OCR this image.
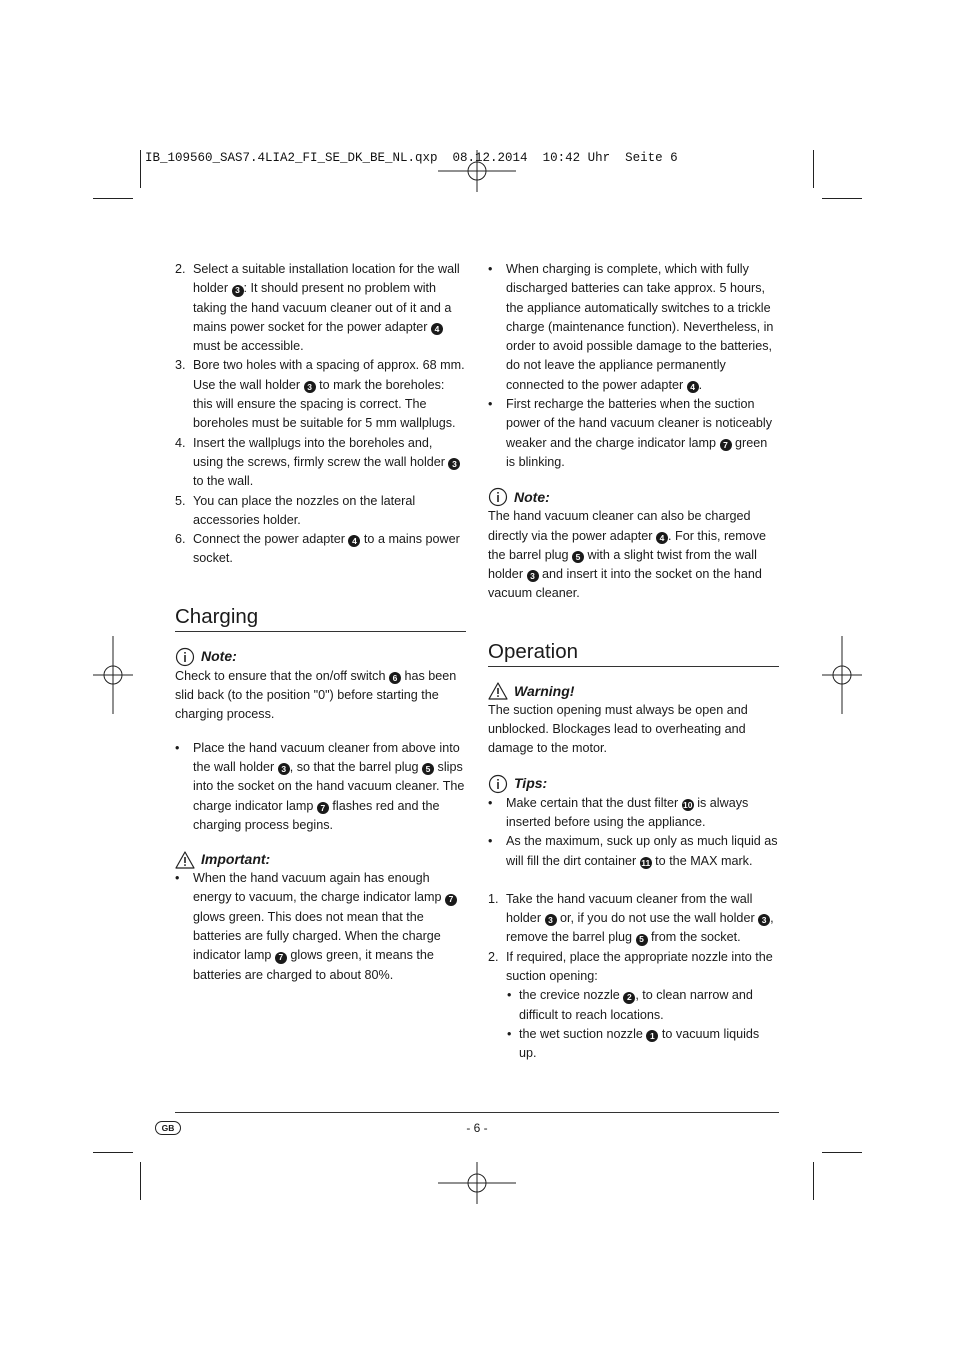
IB_109560_SAS7.4LIA2_FI_SE_DK_BE_NL.qxp  08.12.2014  10:42 Uhr  Seite 6
2. Select a suitable installation location for the wall holder 3 : It should present no problem with taking the hand vacuum cleaner out of it and a mains power socket for the power adapter 4 must be accessible.
3. Bore two holes with a spacing of approx. 68 mm. Use the wall holder 3 to mark the boreholes: this will ensure the spacing is correct. The boreholes must be suitable for 5 mm wallplugs.
4. Insert the wallplugs into the boreholes and, using the screws, firmly screw the wall holder 3 to the wall.
5. You can place the nozzles on the lateral accessories holder.
6. Connect the power adapter 4 to a mains power socket.
Charging
Note:

Check to ensure that the on/off switch 6 has been slid back (to the position "0") before starting the charging process.

• Place the hand vacuum cleaner from above into the wall holder 3 , so that the barrel plug 5 slips into the socket on the hand vacuum cleaner. The charge indicator lamp 7 flashes red and the charging process begins.
Important:
• When the hand vacuum again has enough energy to vacuum, the charge indicator lamp 7 glows green. This does not mean that the batteries are fully charged. When the charge indicator lamp 7 glows green, it means the batteries are charged to about 80%.
• When charging is complete, which with fully discharged batteries can take approx. 5 hours, the appliance automatically switches to a trickle charge (maintenance function). Nevertheless, in order to avoid possible damage to the batteries, do not leave the appliance permanently connected to the power adapter 4 .
• First recharge the batteries when the suction power of the hand vacuum cleaner is noticeably weaker and the charge indicator lamp 7 green is blinking.
Note:

The hand vacuum cleaner can also be charged directly via the power adapter 4 . For this, remove the barrel plug 5 with a slight twist from the wall holder 3 and insert it into the socket on the hand vacuum cleaner.

Operation
Warning!

The suction opening must always be open and unblocked. Blockages lead to overheating and damage to the motor.

Tips:
• Make certain that the dust filter 10 is always inserted before using the appliance.
• As the maximum, suck up only as much liquid as will fill the dirt container 11 to the MAX mark.
1. Take the hand vacuum cleaner from the wall holder 3 or, if you do not use the wall holder 3 , remove the barrel plug 5 from the socket.
2. If required, place the appropriate nozzle into the suction opening:
• the crevice nozzle 2 , to clean narrow and difficult to reach locations.
• the wet suction nozzle 1 to vacuum liquids up.
GB	- 6 -
